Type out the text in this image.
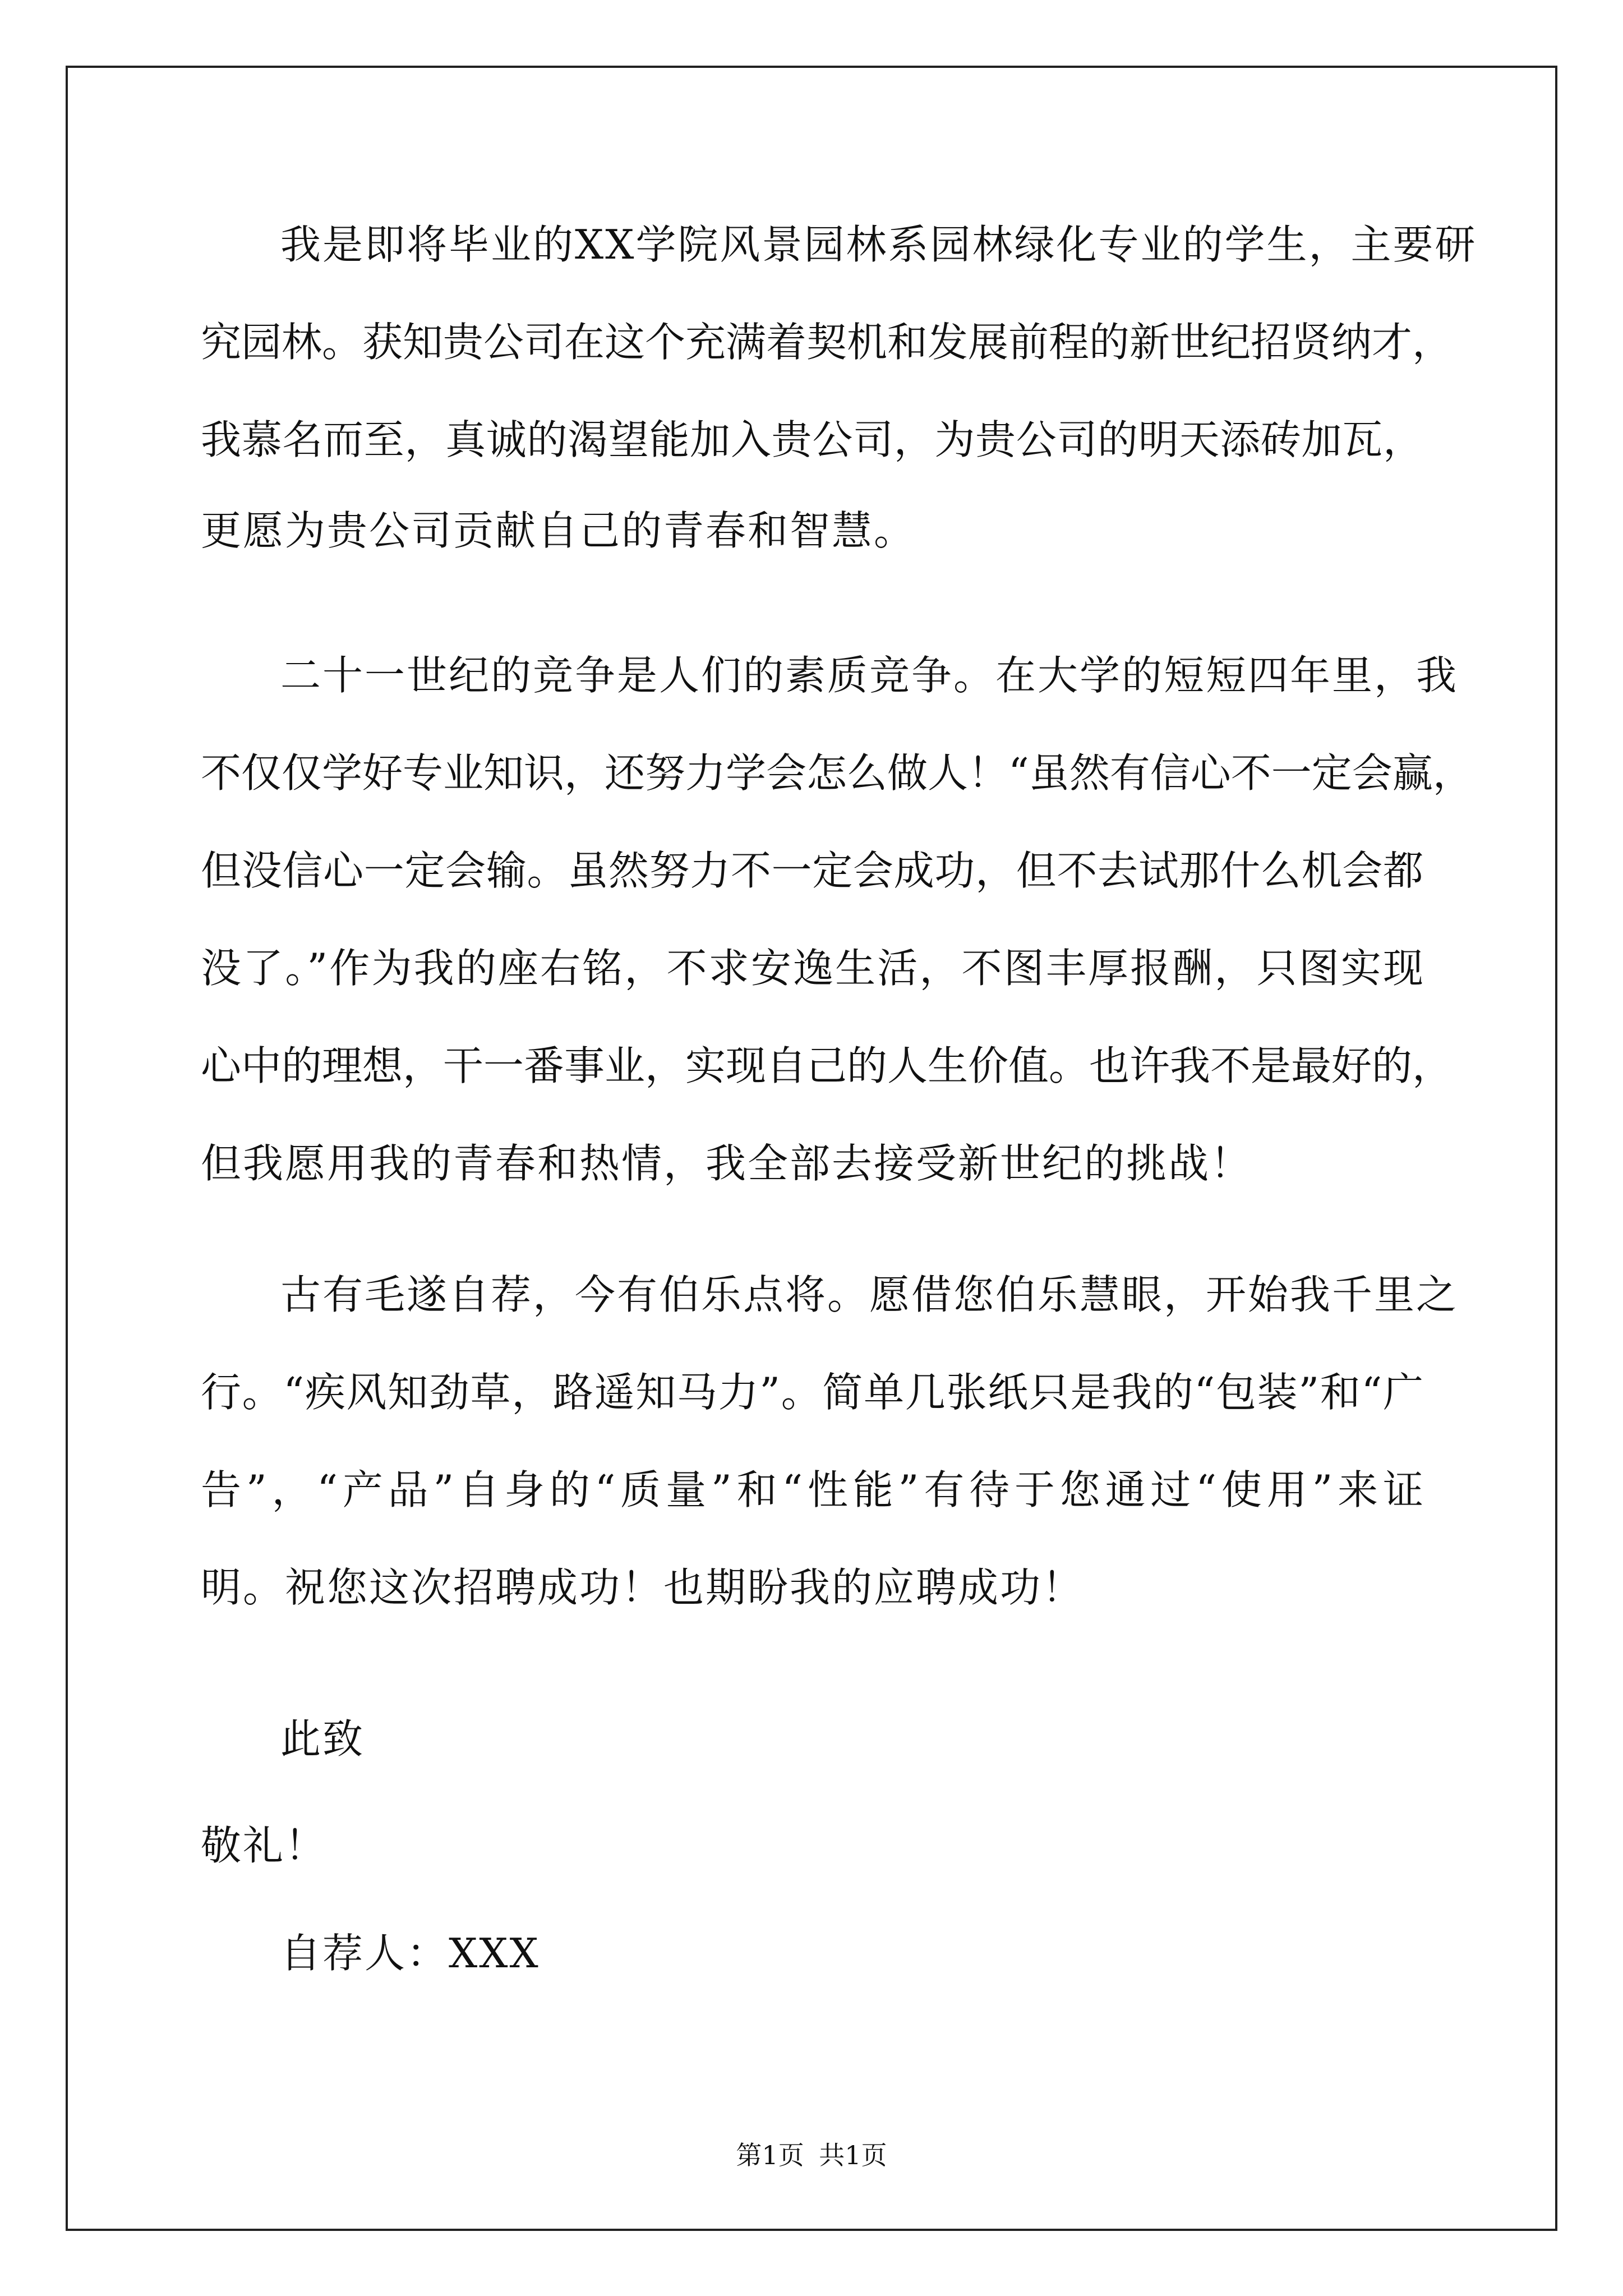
我是即将毕业的XX学院风景园林系园林绿化专业的学生，主要研
究园林。获知贵公司在这个充满着契机和发展前程的新世纪招贤纳才，
我慕名而至，真诚的渴望能加入贵公司，为贵公司的明天添砖加瓦，
更愿为贵公司贡献自己的青春和智慧。
二十一世纪的竞争是人们的素质竞争。在大学的短短四年里，我
不仅仅学好专业知识，还努力学会怎么做人！“虽然有信心不一定会赢，
但没信心一定会输。虽然努力不一定会成功，但不去试那什么机会都
没了。”作为我的座右铭，不求安逸生活，不图丰厚报酬，只图实现
心中的理想，干一番事业，实现自己的人生价值。也许我不是最好的，
但我愿用我的青春和热情，我全部去接受新世纪的挑战！
古有毛遂自荐，今有伯乐点将。愿借您伯乐慧眼，开始我千里之
行。“疾风知劲草，路遥知马力”。简单几张纸只是我的“包装”和“广
告”，“产品”自身的“质量”和“性能”有待于您通过“使用”来证
明。祝您这次招聘成功！也期盼我的应聘成功！
此致
敬礼！
自荐人：XXX
第1页 共1页
